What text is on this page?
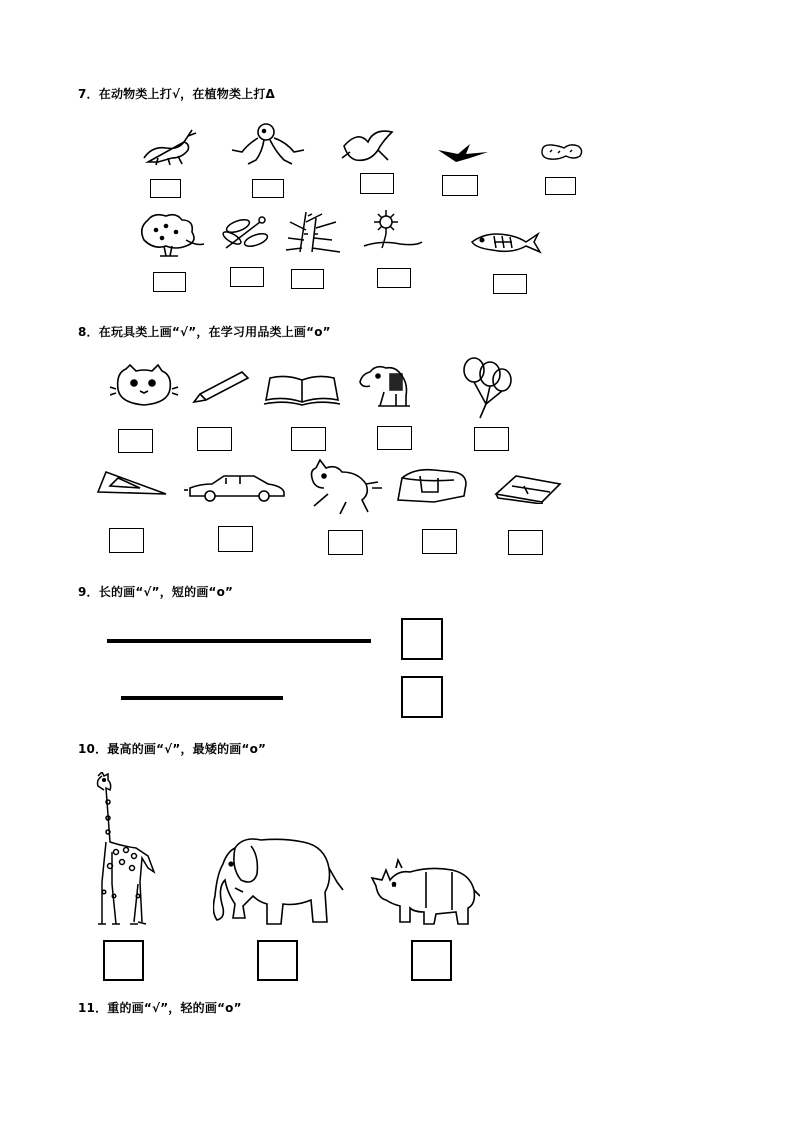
7．在动物类上打√，在植物类上打Δ
8．在玩具类上画“√”，在学习用品类上画“o”
9．长的画“√”，短的画“o”
10．最高的画“√”，最矮的画“o”
11．重的画“√”，轻的画“o”
